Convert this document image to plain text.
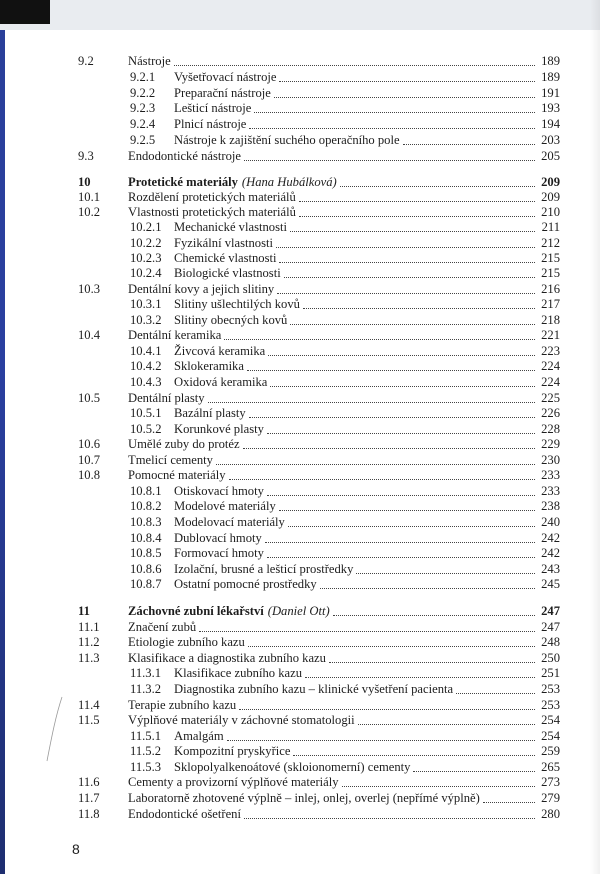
9.2	Nástroje	189
9.2.1	Vyšetřovací nástroje	189
9.2.2	Preparační nástroje	191
9.2.3	Lešticí nástroje	193
9.2.4	Plnicí nástroje	194
9.2.5	Nástroje k zajištění suchého operačního pole	203
9.3	Endodontické nástroje	205
10	Protetické materiály (Hana Hubálková)	209
10.1	Rozdělení protetických materiálů	209
10.2	Vlastnosti protetických materiálů	210
10.2.1 Mechanické vlastnosti	211
10.2.2 Fyzikální vlastnosti	212
10.2.3 Chemické vlastnosti	215
10.2.4 Biologické vlastnosti	215
10.3	Dentální kovy a jejich slitiny	216
10.3.1 Slitiny ušlechtilých kovů	217
10.3.2 Slitiny obecných kovů	218
10.4	Dentální keramika	221
10.4.1 Živcová keramika	223
10.4.2 Sklokeramika	224
10.4.3 Oxidová keramika	224
10.5	Dentální plasty	225
10.5.1 Bazální plasty	226
10.5.2 Korunkové plasty	228
10.6	Umělé zuby do protéz	229
10.7	Tmelicí cementy	230
10.8	Pomocné materiály	233
10.8.1 Otiskovací hmoty	233
10.8.2 Modelové materiály	238
10.8.3 Modelovací materiály	240
10.8.4 Dublovací hmoty	242
10.8.5 Formovací hmoty	242
10.8.6 Izolační, brusné a lešticí prostředky	243
10.8.7 Ostatní pomocné prostředky	245
11	Záchovné zubní lékařství (Daniel Ott)	247
11.1	Značení zubů	247
11.2	Etiologie zubního kazu	248
11.3	Klasifikace a diagnostika zubního kazu	250
11.3.1	Klasifikace zubního kazu	251
11.3.2	Diagnostika zubního kazu – klinické vyšetření pacienta	253
11.4	Terapie zubního kazu	253
11.5	Výplňové materiály v záchovné stomatologii	254
11.5.1	Amalgám	254
11.5.2	Kompozitní pryskyřice	259
11.5.3	Sklopolyalkenoátové (skloionomerní) cementy	265
11.6	Cementy a provizorní výplňové materiály	273
11.7	Laboratorně zhotovené výplně – inlej, onlej, overlej (nepřímé výplně)	279
11.8	Endodontické ošetření	280
8
